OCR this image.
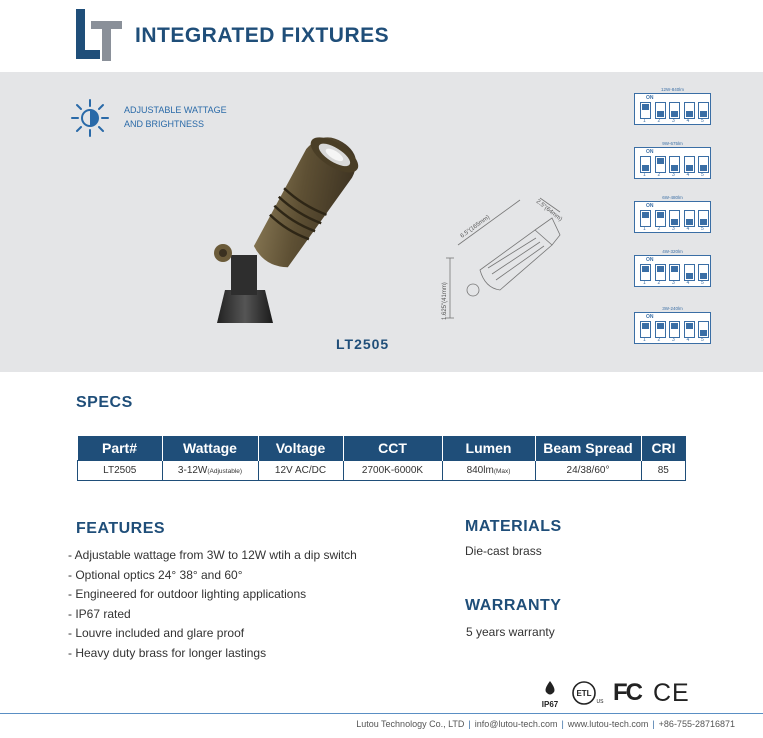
INTEGRATED FIXTURES
ADJUSTABLE WATTAGE
AND BRIGHTNESS
LT2505
6.5"(165mm)
2.5"(64mm)
1.625"(41mm)
12W-840lm
ON
1 2 3 4 5
9W-675lm
ON
1 2 3 4 5
6W-480lm
ON
1 2 3 4 5
4W-320lm
ON
1 2 3 4 5
3W-240lm
ON
1 2 3 4 5
SPECS
Part#	Wattage	Voltage	CCT	Lumen	Beam Spread	CRI
LT2505	3-12W(Adjustable)	12V AC/DC	2700K-6000K	840lm(Max)	24/38/60°	85
FEATURES
- Adjustable wattage from 3W to 12W wtih a dip switch
- Optional optics 24° 38° and 60°
- Engineered for outdoor lighting applications
- IP67 rated
- Louvre included and glare proof
- Heavy duty brass for longer lastings
MATERIALS
Die-cast brass
WARRANTY
5 years warranty
IP67
ETL
US FC CE
Lutou Technology Co., LTD | info@lutou-tech.com | www.lutou-tech.com | +86-755-28716871
